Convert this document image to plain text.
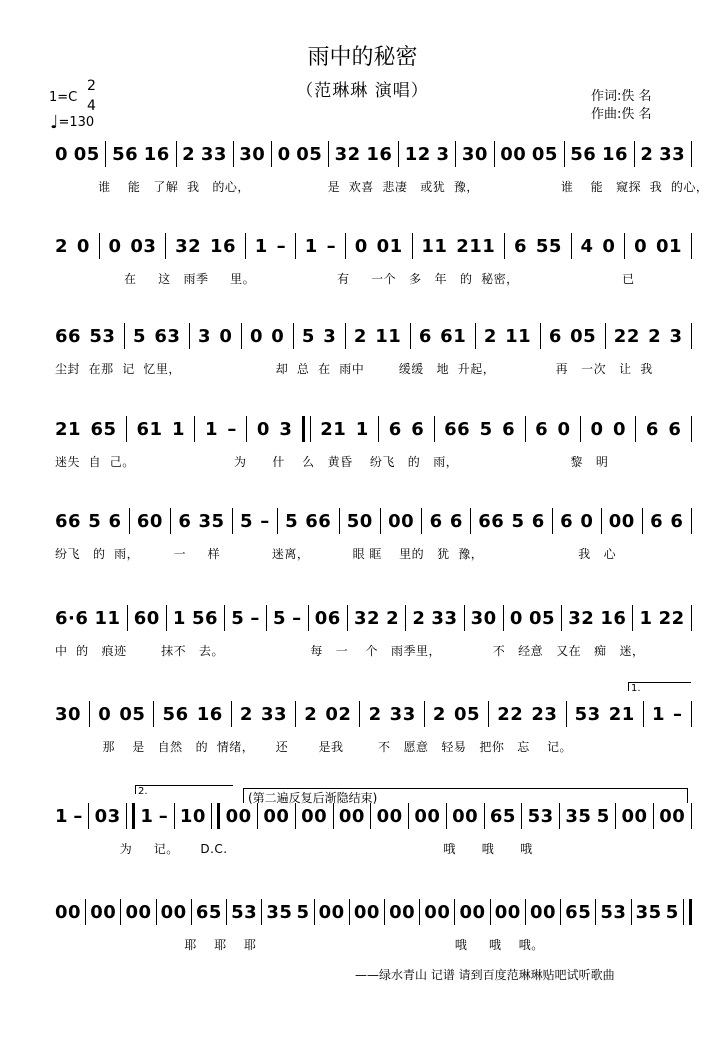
雨中的秘密
（范琳琳 演唱）
1=C
2
4
♩=130
作词:佚 名
作曲:佚 名
0 05 56 16 2 33 30 0 05 32 16 12 3 30 00 05 56 16 2 33
谁    能   了解  我   的心，                  是  欢喜  悲凄   或犹  豫，                   谁    能   窥探  我  的心，
2 0 0 03 32 16 1 – 1 – 0 01 11 211 6 55 4 0 0 01
在     这   雨季     里。                   有     一个   多   年   的  秘密，                        已
66 53 5 63 3 0 0 0 5 3 2 11 6 61 2 11 6 05 22 2 3
尘封  在那  记  忆里，                      却  总  在  雨中        缓缓   地  升起，              再   一次   让  我
21 65 61 1 1 – 0 3 21 1 6 6 66 5 6 6 0 0 0 6 6
迷失  自  己。                       为      什    么   黄昏    纷飞   的   雨，                          黎   明
66 5 6 60 6 35 5 – 5 66 50 00 6 6 66 5 6 6 0 00 6 6
纷飞   的  雨，        一     样            迷离，          眼 眶    里的   犹  豫，                      我   心
6·6 11 60 1 56 5 – 5 – 06 32 2 2 33 30 0 05 32 16 1 22
中  的   痕迹        抹不   去。                    每   一    个   雨季里，            不   经意   又在   痴   迷，
30 0 05 56 16 2 33 2 02 2 33 2 05 22 23 53 21 1 –
那    是   自然   的  情绪，     还       是我        不   愿意   轻易   把你   忘    记。
1 – 03 1 – 10 00 00 00 00 00 00 00 65 53 35 5 00 00
为     记。     D.C.                                                  哦      哦      哦
00 00 00 00 65 53 35 5 00 00 00 00 00 00 00 65 53 35 5
耶    耶    耶                                              哦     哦    哦。
1.
2.	(第二遍反复后渐隐结束)
——绿水青山 记谱 请到百度范琳琳贴吧试听歌曲
